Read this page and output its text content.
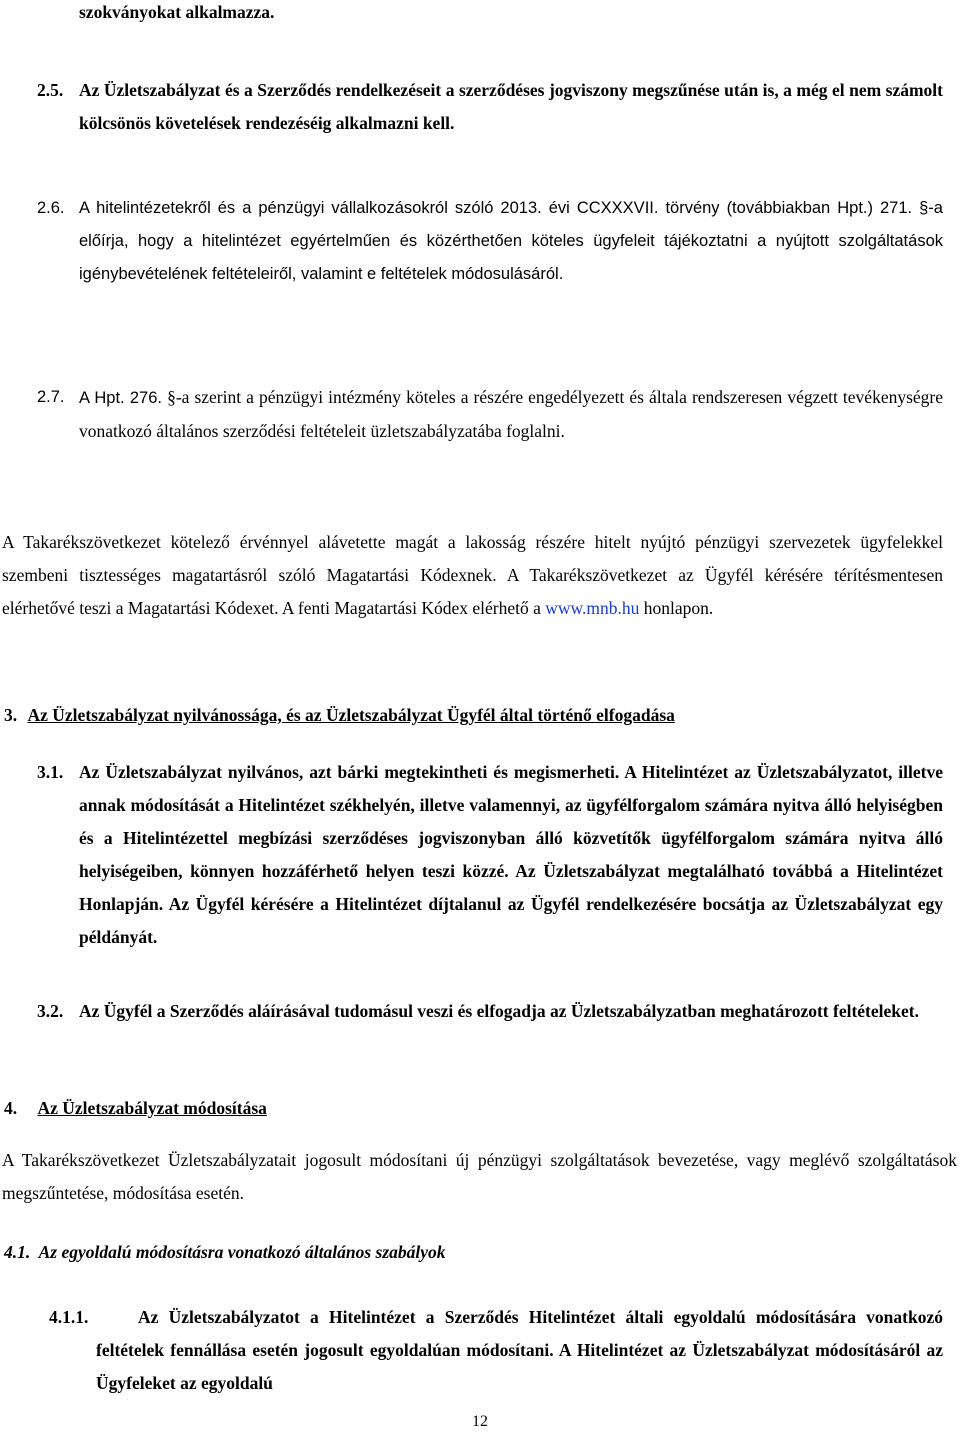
szokványokat alkalmazza.

2.5. Az Üzletszabályzat és a Szerződés rendelkezéseit a szerződéses jogviszony megszűnése után is, a még el nem számolt kölcsönös követelések rendezéséig alkalmazni kell.

2.6. A hitelintézetekről és a pénzügyi vállalkozásokról szóló 2013. évi CCXXXVII. törvény (továbbiakban Hpt.) 271. §-a előírja, hogy a hitelintézet egyértelműen és közérthetően köteles ügyfeleit tájékoztatni a nyújtott szolgáltatások igénybevételének feltételeiről, valamint e feltételek módosulásáról.

2.7. A Hpt. 276. §-a szerint a pénzügyi intézmény köteles a részére engedélyezett és általa rendszeresen végzett tevékenységre vonatkozó általános szerződési feltételeit üzletszabályzatába foglalni.

A Takarékszövetkezet kötelező érvénnyel alávetette magát a lakosság részére hitelt nyújtó pénzügyi szervezetek ügyfelekkel szembeni tisztességes magatartásról szóló Magatartási Kódexnek. A Takarékszövetkezet az Ügyfél kérésére térítésmentesen elérhetővé teszi a Magatartási Kódexet. A fenti Magatartási Kódex elérhető a www.mnb.hu honlapon.

3. Az Üzletszabályzat nyilvánossága, és az Üzletszabályzat Ügyfél által történő elfogadása
3.1. Az Üzletszabályzat nyilvános, azt bárki megtekintheti és megismerheti. A Hitelintézet az Üzletszabályzatot, illetve annak módosítását a Hitelintézet székhelyén, illetve valamennyi, az ügyfélforgalom számára nyitva álló helyiségben és a Hitelintézettel megbízási szerződéses jogviszonyban álló közvetítők ügyfélforgalom számára nyitva álló helyiségeiben, könnyen hozzáférhető helyen teszi közzé. Az Üzletszabályzat megtalálható továbbá a Hitelintézet Honlapján. Az Ügyfél kérésére a Hitelintézet díjtalanul az Ügyfél rendelkezésére bocsátja az Üzletszabályzat egy példányát.

3.2. Az Ügyfél a Szerződés aláírásával tudomásul veszi és elfogadja az Üzletszabályzatban meghatározott feltételeket.

4. Az Üzletszabályzat módosítása

A Takarékszövetkezet Üzletszabályzatait jogosult módosítani új pénzügyi szolgáltatások bevezetése, vagy meglévő szolgáltatások megszűntetése, módosítása esetén.

4.1. Az egyoldalú módosításra vonatkozó általános szabályok
4.1.1.	Az Üzletszabályzatot a Hitelintézet a Szerződés Hitelintézet általi egyoldalú módosítására vonatkozó feltételek fennállása esetén jogosult egyoldalúan módosítani. A Hitelintézet az Üzletszabályzat módosításáról az Ügyfeleket az egyoldalú

12
